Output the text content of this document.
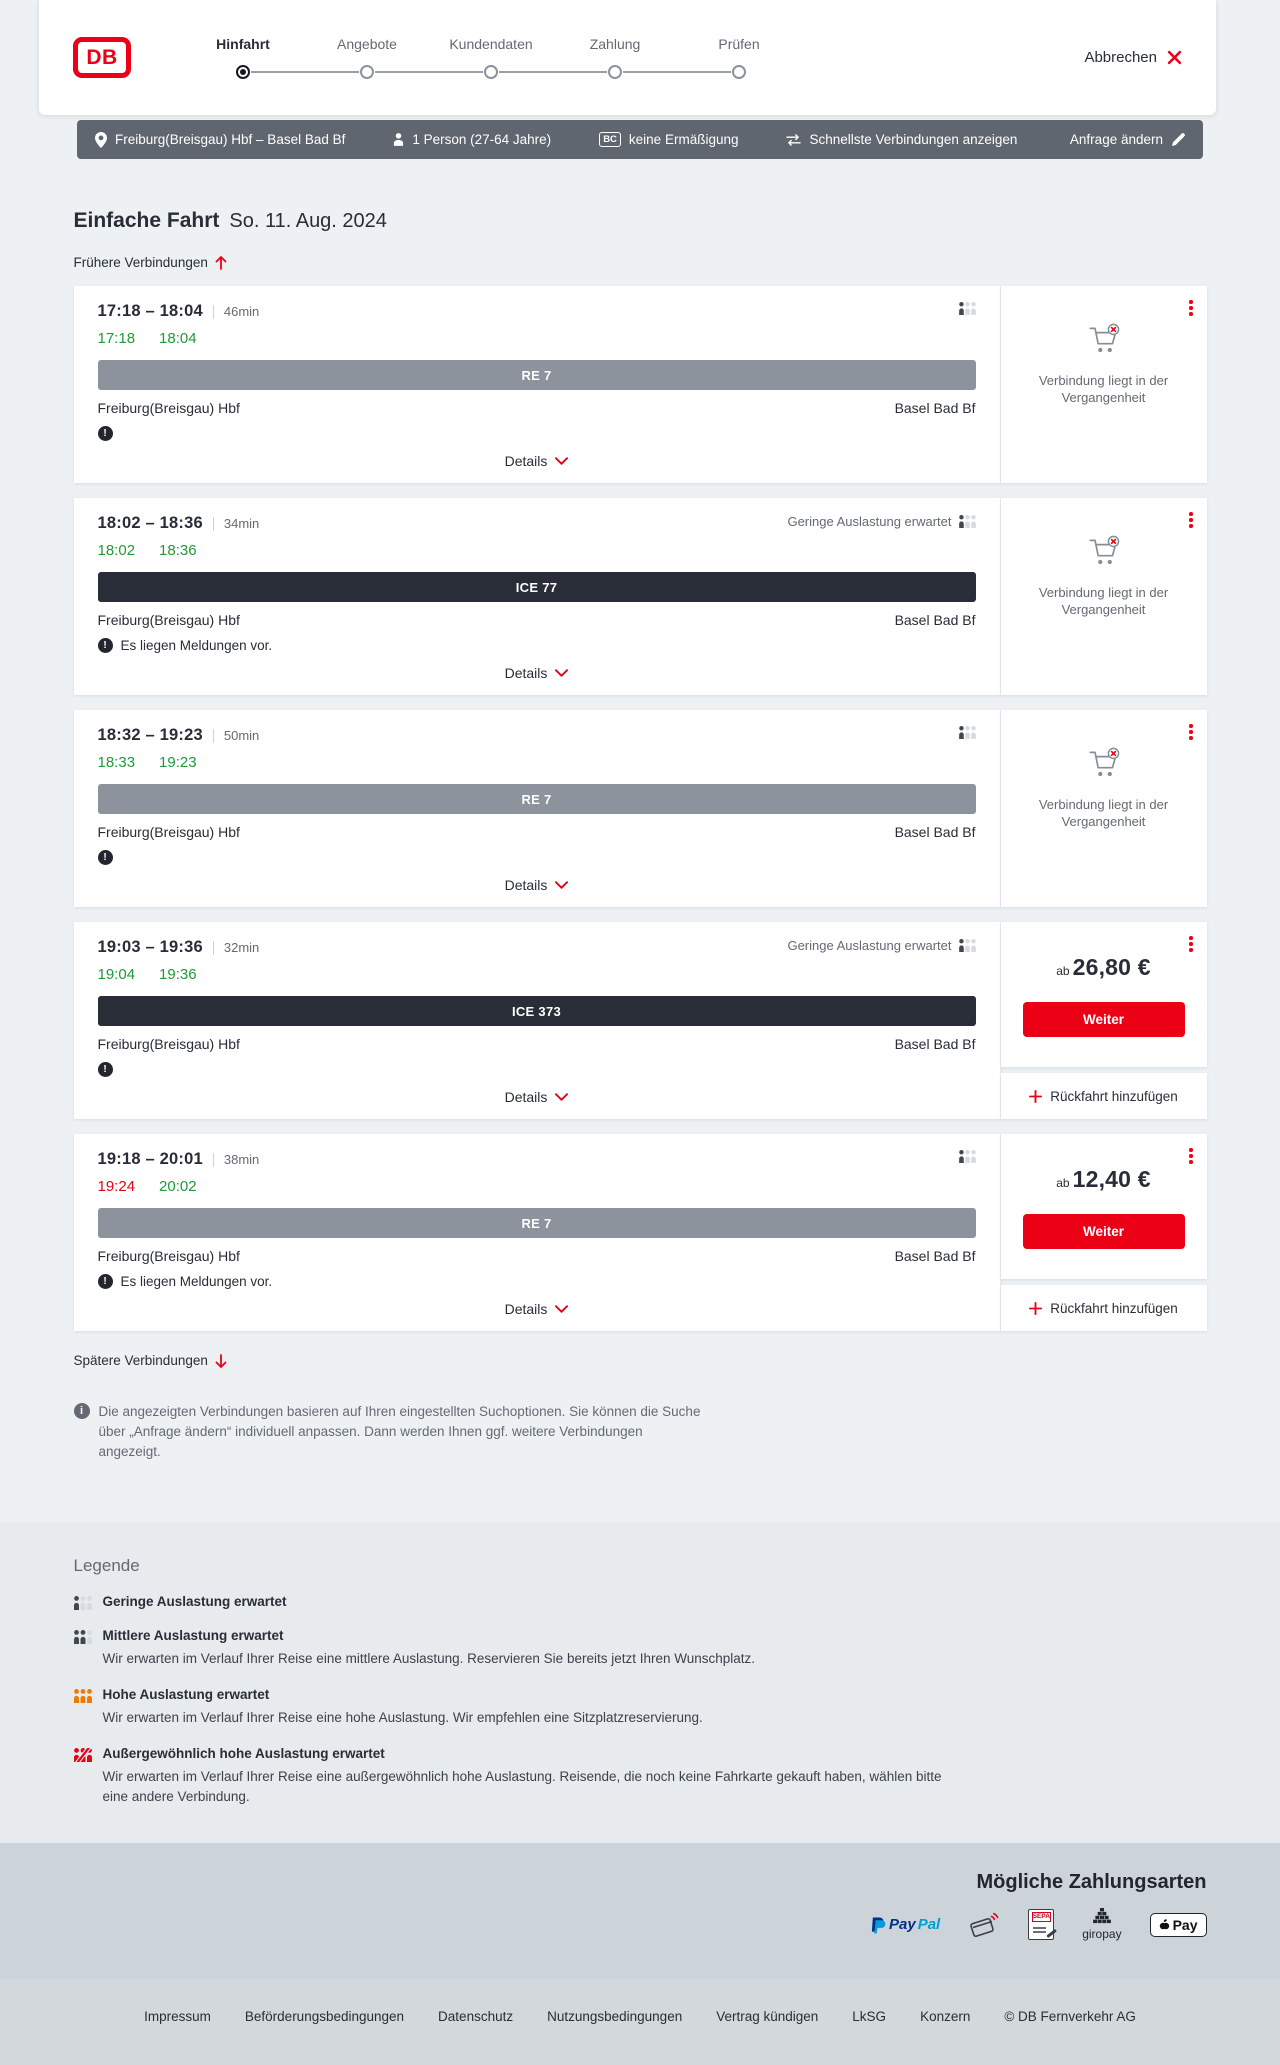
DB
Hinfahrt	Angebote	Kundendaten	Zahlung	Prüfen
Abbrechen
Freiburg(Breisgau) Hbf – Basel Bad Bf	1 Person (27-64 Jahre)	BC keine Ermäßigung	Schnellste Verbindungen anzeigen	Anfrage ändern
Einfache Fahrt So. 11. Aug. 2024
Frühere Verbindungen
17:18 – 18:04 46min
17:18 18:04
RE 7
Freiburg(Breisgau) Hbf	Basel Bad Bf
!
Details

Verbindung liegt in der Vergangenheit

18:02 – 18:36 34min	Geringe Auslastung erwartet
18:02 18:36
ICE 77
Freiburg(Breisgau) Hbf	Basel Bad Bf
!
Es liegen Meldungen vor.
Details

Verbindung liegt in der Vergangenheit

18:32 – 19:23 50min
18:33 19:23
RE 7
Freiburg(Breisgau) Hbf	Basel Bad Bf
!
Details

Verbindung liegt in der Vergangenheit

19:03 – 19:36 32min	Geringe Auslastung erwartet
19:04 19:36
ICE 373
Freiburg(Breisgau) Hbf	Basel Bad Bf
!
Details
ab 26,80 €
Weiter
Rückfahrt hinzufügen
19:18 – 20:01 38min
19:24 20:02
RE 7
Freiburg(Breisgau) Hbf	Basel Bad Bf
!
Es liegen Meldungen vor.
Details
ab 12,40 €
Weiter
Rückfahrt hinzufügen
Spätere Verbindungen
i

Die angezeigten Verbindungen basieren auf Ihren eingestellten Suchoptionen. Sie können die Suche über „Anfrage ändern“ individuell anpassen. Dann werden Ihnen ggf. weitere Verbindungen angezeigt.

Legende
Geringe Auslastung erwartet
Mittlere Auslastung erwartet

Wir erwarten im Verlauf Ihrer Reise eine mittlere Auslastung. Reservieren Sie bereits jetzt Ihren Wunschplatz.

Hohe Auslastung erwartet

Wir erwarten im Verlauf Ihrer Reise eine hohe Auslastung. Wir empfehlen eine Sitzplatzreservierung.

Außergewöhnlich hohe Auslastung erwartet

Wir erwarten im Verlauf Ihrer Reise eine außergewöhnlich hohe Auslastung. Reisende, die noch keine Fahrkarte gekauft haben, wählen bitte eine andere Verbindung.

Mögliche Zahlungsarten
Pay Pal	SEPA
giropay
Pay
Impressum	Beförderungsbedingungen	Datenschutz	Nutzungsbedingungen	Vertrag kündigen	LkSG	Konzern	© DB Fernverkehr AG
